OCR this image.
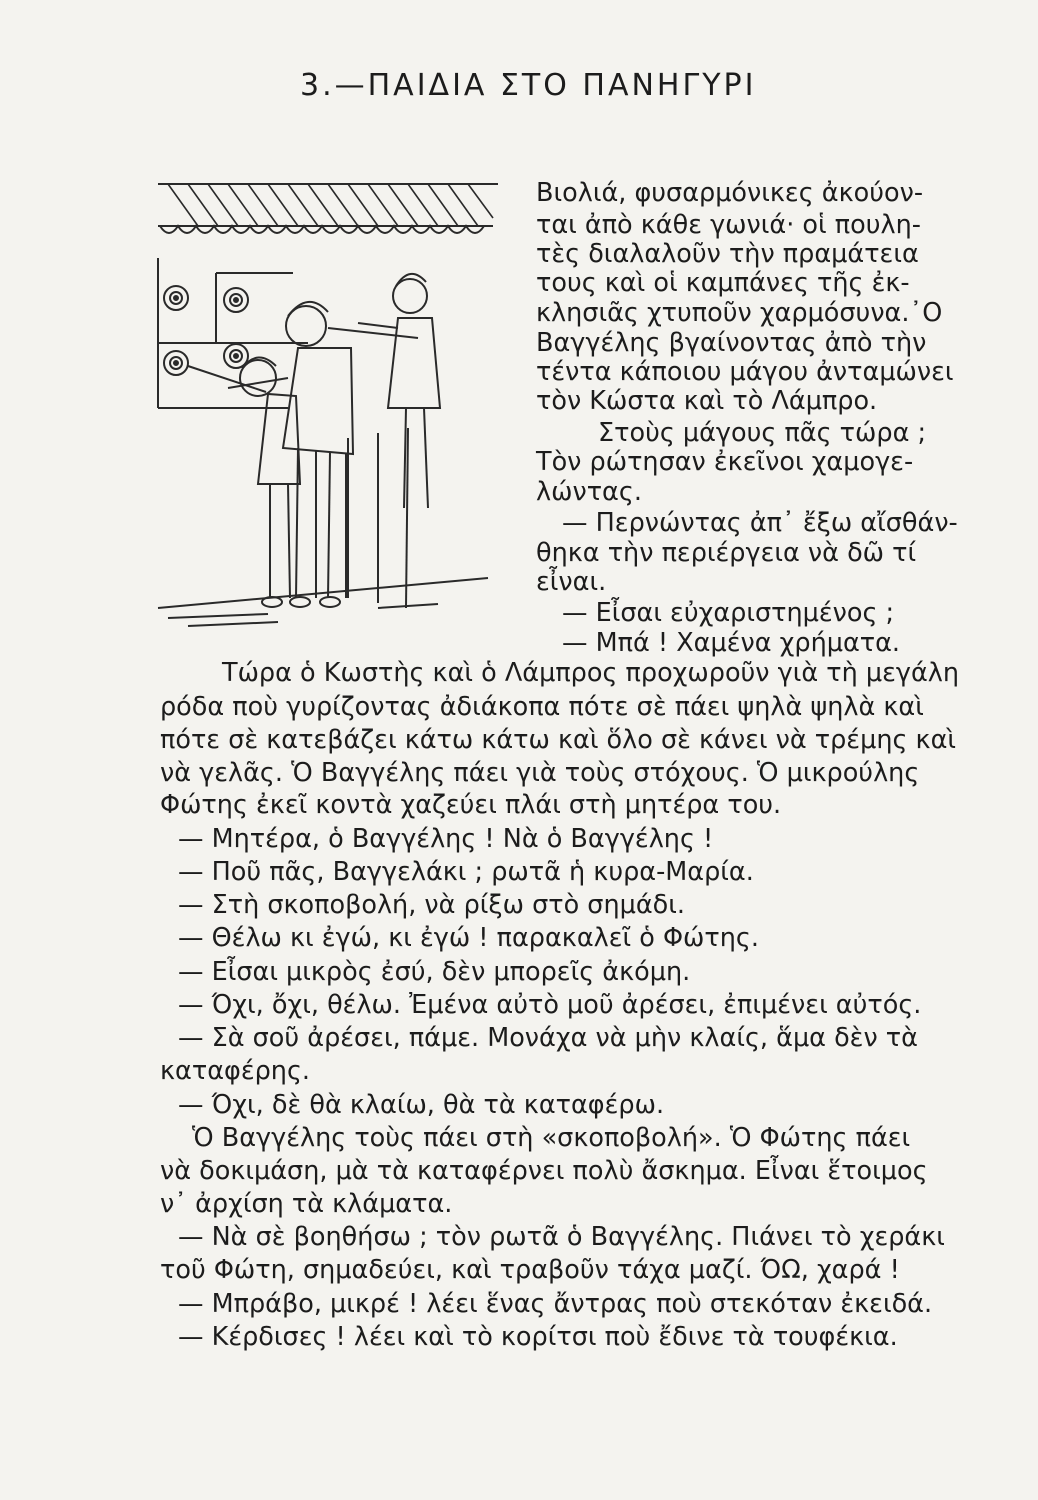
3.—ΠΑΙΔΙΑ ΣΤΟ ΠΑΝΗΓΥΡΙ
Βιολιά, φυσαρμόνικες ἀκούον-
ται ἀπὸ κάθε γωνιά· οἱ πουλη-
τὲς διαλαλοῦν τὴν πραμάτεια
τους καὶ οἱ καμπάνες τῆς ἐκ-
κλησιᾶς χτυποῦν χαρμόσυνα.᾿Ο
Βαγγέλης βγαίνοντας ἀπὸ τὴν
τέντα κάποιου μάγου ἀνταμώνει
τὸν Κώστα καὶ τὸ Λάμπρο.
Στοὺς μάγους πᾶς τώρα ;
Τὸν ρώτησαν ἐκεῖνοι χαμογε-
λώντας.
— Περνώντας ἀπ᾿ ἔξω αἴσθάν-
θηκα τὴν περιέργεια νὰ δῶ τί
εἶναι.
— Εἶσαι εὐχαριστημένος ;
— Μπά ! Χαμένα χρήματα.
Τώρα ὁ Κωστὴς καὶ ὁ Λάμπρος προχωροῦν γιὰ τὴ μεγάλη
ρόδα ποὺ γυρίζοντας ἀδιάκοπα πότε σὲ πάει ψηλὰ ψηλὰ καὶ
πότε σὲ κατεβάζει κάτω κάτω καὶ ὅλο σὲ κάνει νὰ τρέμης καὶ
νὰ γελᾶς. Ὁ Βαγγέλης πάει γιὰ τοὺς στόχους. Ὁ μικρούλης
Φώτης ἐκεῖ κοντὰ χαζεύει πλάι στὴ μητέρα του.
— Μητέρα, ὁ Βαγγέλης ! Νὰ ὁ Βαγγέλης !
— Ποῦ πᾶς, Βαγγελάκι ; ρωτᾶ ἡ κυρα-Μαρία.
— Στὴ σκοποβολή, νὰ ρίξω στὸ σημάδι.
— Θέλω κι ἐγώ, κι ἐγώ ! παρακαλεῖ ὁ Φώτης.
— Εἶσαι μικρὸς ἐσύ, δὲν μπορεῖς ἀκόμη.
— Όχι, ὄχι, θέλω. Ἐμένα αὐτὸ μοῦ ἀρέσει, ἐπιμένει αὐτός.
— Σὰ σοῦ ἀρέσει, πάμε. Μονάχα νὰ μὴν κλαίς, ἅμα δὲν τὰ
καταφέρης.
— Όχι, δὲ θὰ κλαίω, θὰ τὰ καταφέρω.
Ὁ Βαγγέλης τοὺς πάει στὴ «σκοποβολή». Ὁ Φώτης πάει
νὰ δοκιμάση, μὰ τὰ καταφέρνει πολὺ ἄσκημα. Εἶναι ἕτοιμος
ν᾿ ἀρχίση τὰ κλάματα.
— Νὰ σὲ βοηθήσω ; τὸν ρωτᾶ ὁ Βαγγέλης. Πιάνει τὸ χεράκι
τοῦ Φώτη, σημαδεύει, καὶ τραβοῦν τάχα μαζί. ΌΩ, χαρά !
— Μπράβο, μικρέ ! λέει ἕνας ἄντρας ποὺ στεκόταν ἐκειδά.
— Κέρδισες ! λέει καὶ τὸ κορίτσι ποὺ ἔδινε τὰ τουφέκια.
